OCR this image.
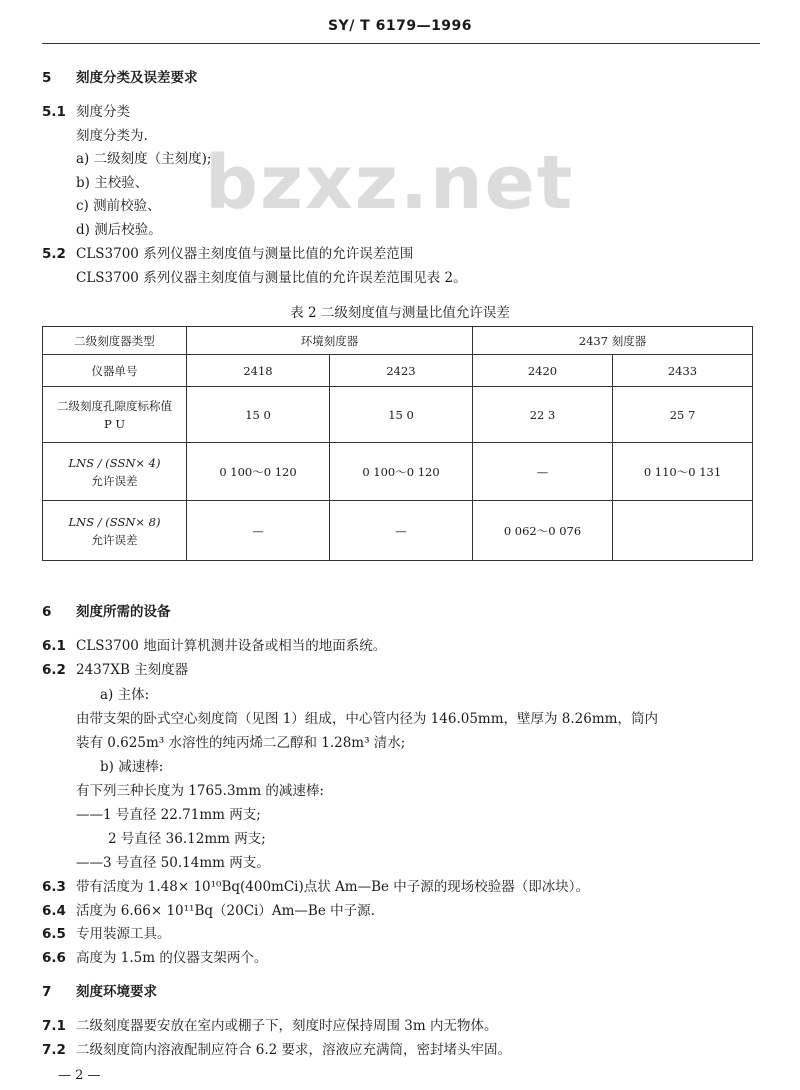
SY/ T 6179—1996
bzxz.net
5 刻度分类及误差要求
5.1 刻度分类
刻度分类为.
a) 二级刻度（主刻度);
b) 主校验、
c) 测前校验、
d) 测后校验。
5.2 CLS3700 系列仪器主刻度值与测量比值的允许误差范围
CLS3700 系列仪器主刻度值与测量比值的允许误差范围见表 2。
表 2 二级刻度值与测量比值允许误差
二级刻度器类型	环境刻度器		2437 刻度器	
仪器单号	2418	2423	2420	2433

二级刻度孔隙度标称值
P U	15 0	15 0	22 3	25 7

LNS / (SSN× 4)
允许误差	0 100～0 120	0 100～0 120	—	0 110～0 131

LNS / (SSN× 8)
允许误差	—	—	0 062～0 076	
6 刻度所需的设备
6.1 CLS3700 地面计算机测井设备或相当的地面系统。
6.2 2437XB 主刻度器
a) 主体:
由带支架的卧式空心刻度筒（见图 1）组成，中心管内径为 146.05mm，壁厚为 8.26mm，筒内
装有 0.625m³ 水溶性的纯丙烯二乙醇和 1.28m³ 清水;
b) 减速棒:
有下列三种长度为 1765.3mm 的减速棒:
——1 号直径 22.71mm 两支;
2 号直径 36.12mm 两支;
——3 号直径 50.14mm 两支。
6.3 带有活度为 1.48× 10¹⁰Bq(400mCi)点状 Am—Be 中子源的现场校验器（即冰块）。
6.4 活度为 6.66× 10¹¹Bq（20Ci）Am—Be 中子源.
6.5 专用装源工具。
6.6 高度为 1.5m 的仪器支架两个。
7 刻度环境要求
7.1 二级刻度器要安放在室内或棚子下，刻度时应保持周围 3m 内无物体。
7.2 二级刻度筒内溶液配制应符合 6.2 要求，溶液应充满筒，密封堵头牢固。
— 2 —
